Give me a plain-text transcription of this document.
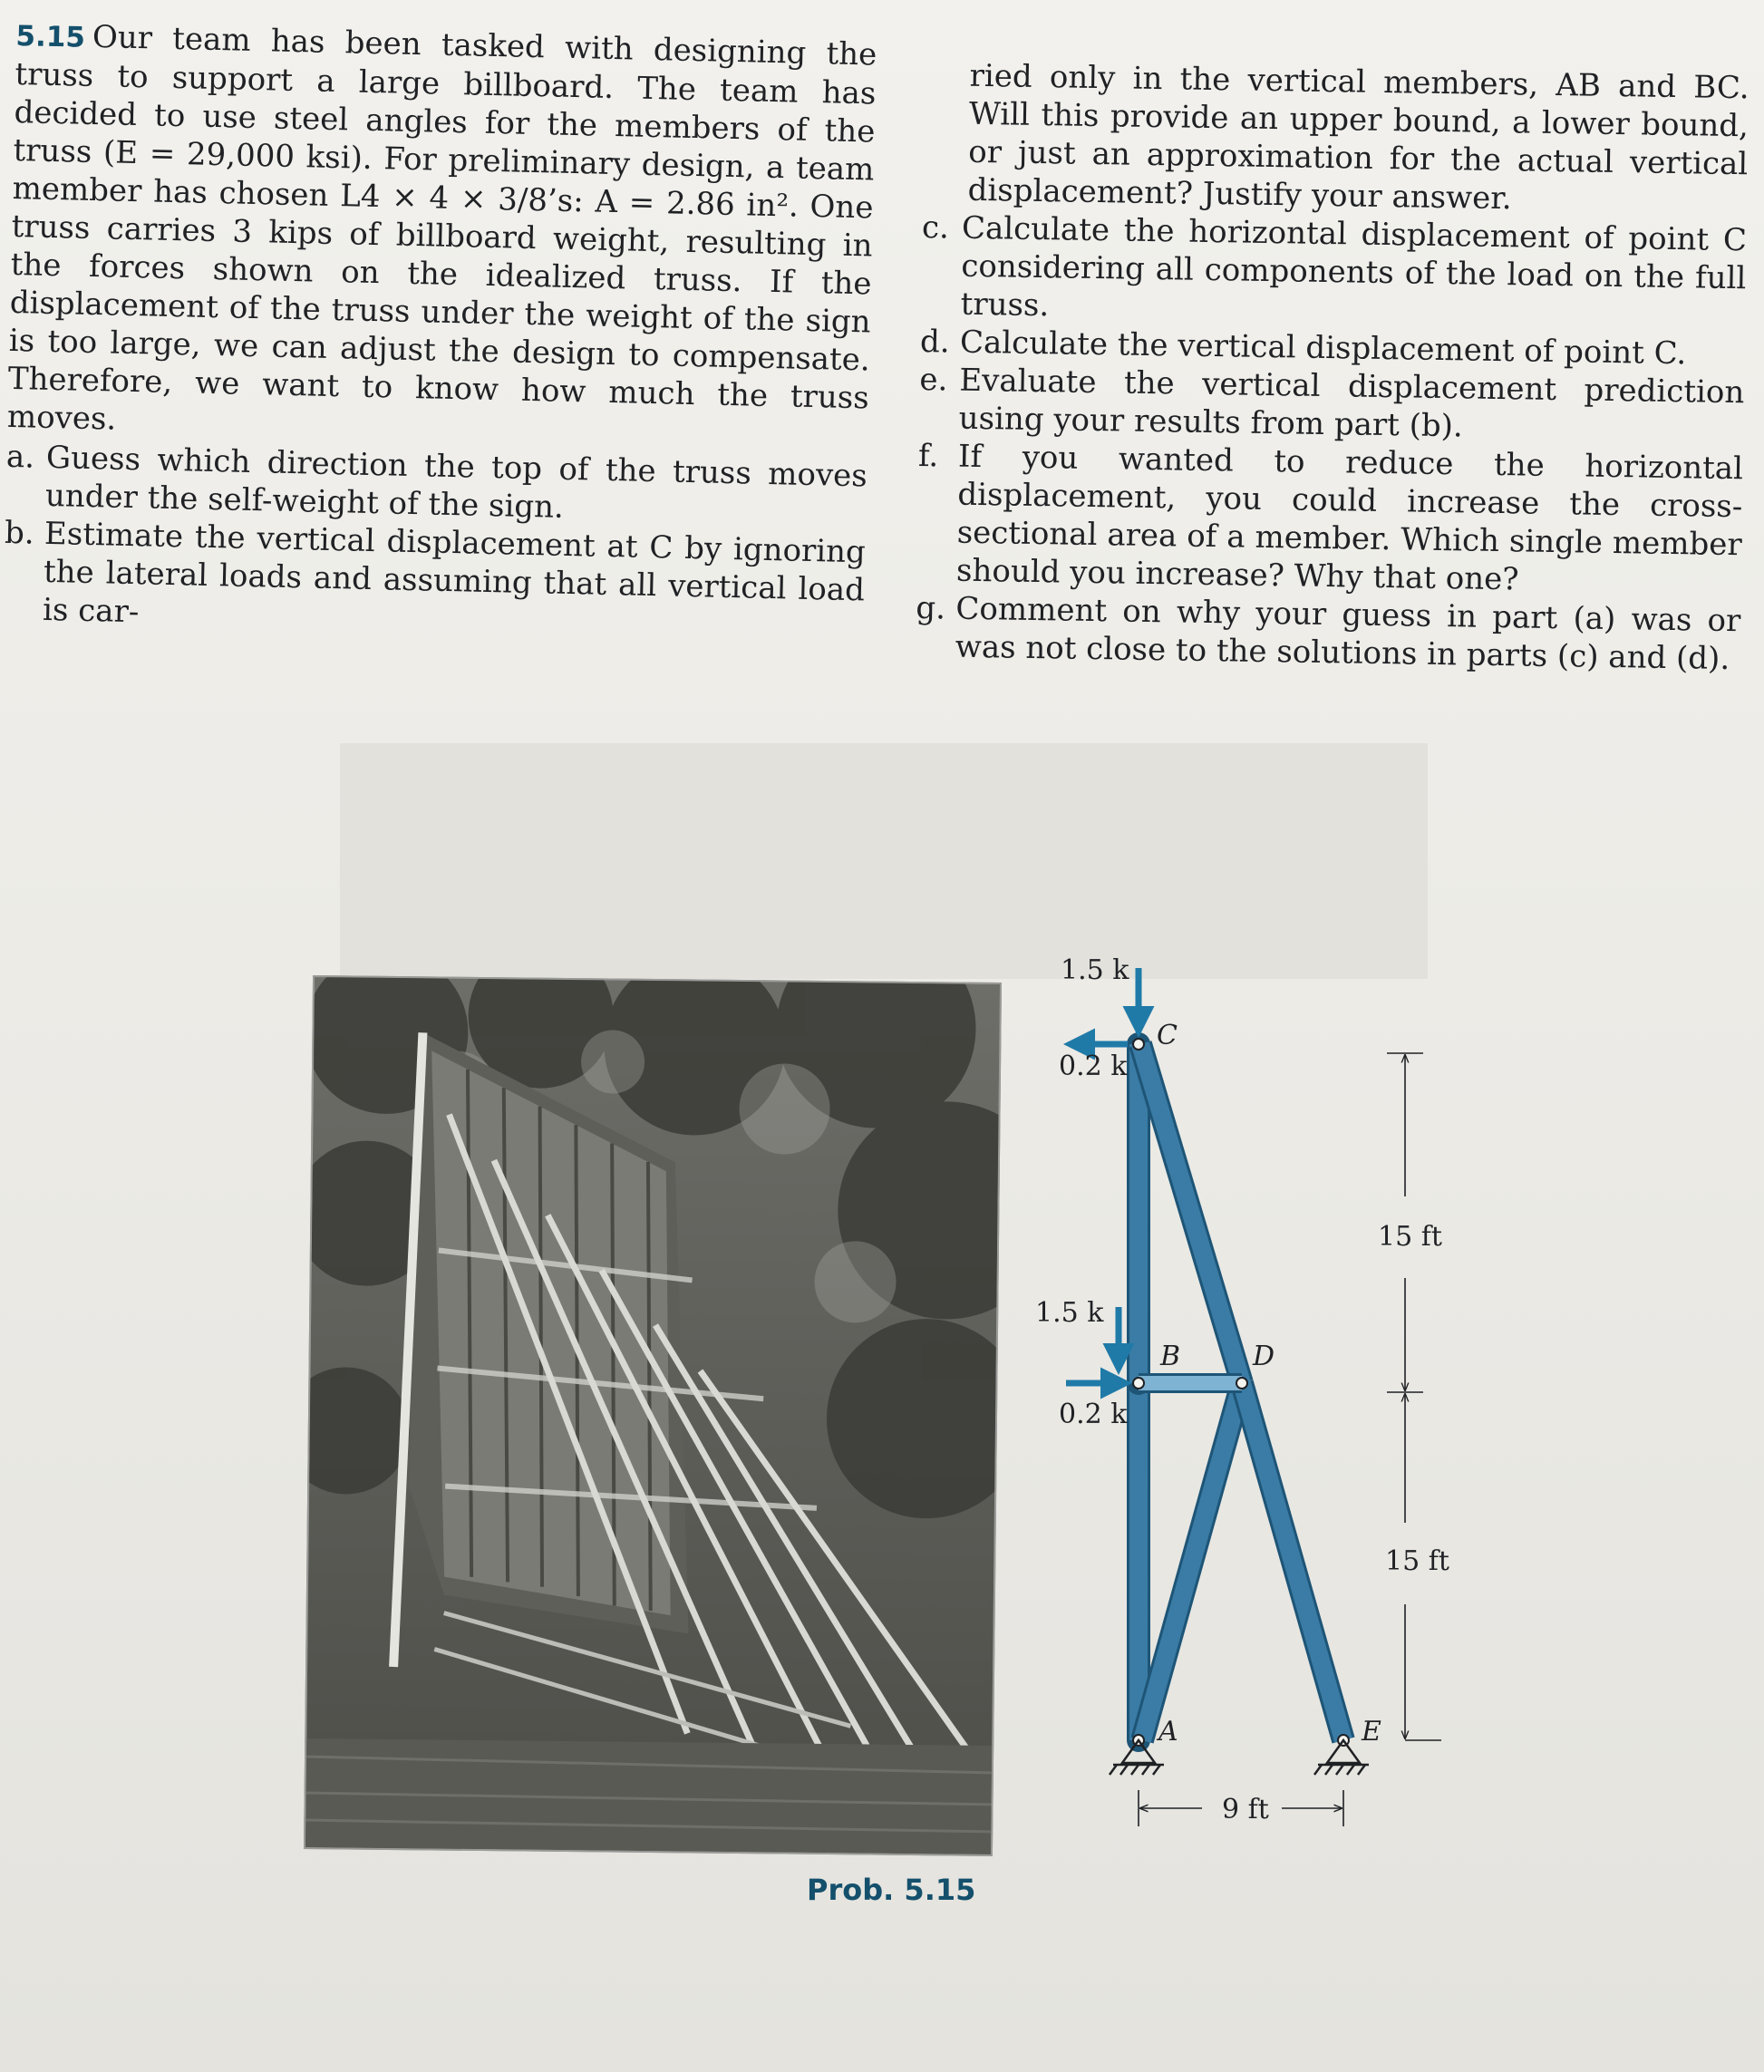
5.15 Our team has been tasked with designing the truss to support a large billboard. The team has decided to use steel angles for the members of the truss (E = 29,000 ksi). For preliminary design, a team member has chosen L4 × 4 × 3/8’s: A = 2.86 in². One truss carries 3 kips of billboard weight, resulting in the forces shown on the idealized truss. If the displacement of the truss under the weight of the sign is too large, we can adjust the design to compensate. Therefore, we want to know how much the truss moves.

a. Guess which direction the top of the truss moves under the self-weight of the sign.
b. Estimate the vertical displacement at C by ignoring the lateral loads and assuming that all vertical load is car-

ried only in the vertical members, AB and BC. Will this provide an upper bound, a lower bound, or just an approximation for the actual vertical displacement? Justify your answer.

c. Calculate the horizontal displacement of point C considering all components of the load on the full truss.
d. Calculate the vertical displacement of point C.
e. Evaluate the vertical displacement prediction using your results from part (b).
f. If you wanted to reduce the horizontal displacement, you could increase the cross-sectional area of a member. Which single member should you increase? Why that one?
g. Comment on why your guess in part (a) was or was not close to the solutions in parts (c) and (d).
Prob. 5.15
1.5 k
0.2 k
1.5 k
0.2 k
C
B	D
A	E
15 ft
15 ft
9 ft
